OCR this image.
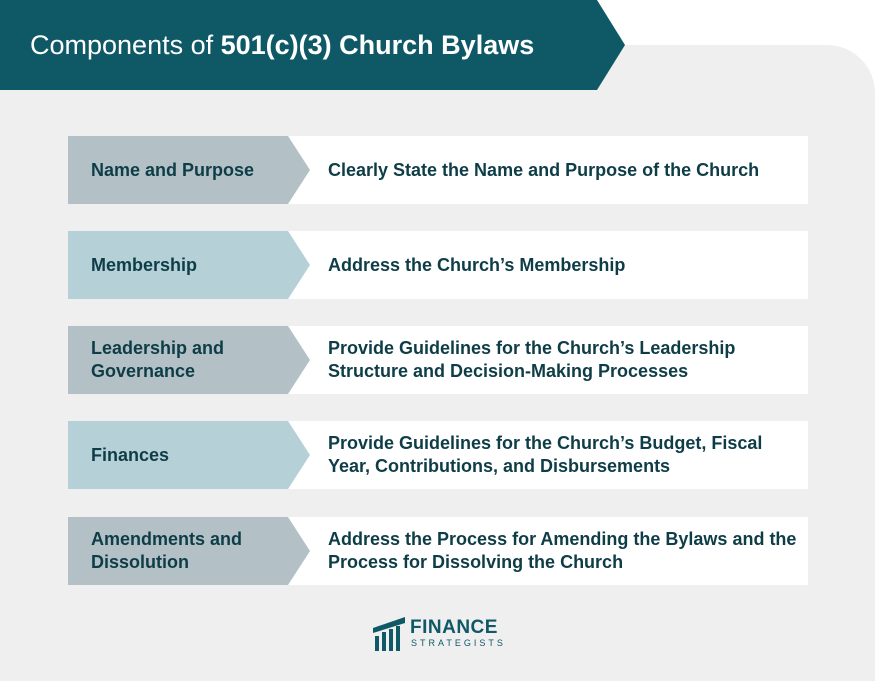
Components of 501(c)(3) Church Bylaws
Name and Purpose	Clearly State the Name and Purpose of the Church
Membership	Address the Church’s Membership
Leadership and Governance
Provide Guidelines for the Church’s Leadership Structure and Decision-Making Processes
Finances
Provide Guidelines for the Church’s Budget, Fiscal Year, Contributions, and Disbursements
Amendments and Dissolution
Address the Process for Amending the Bylaws and the Process for Dissolving the Church
FINANCE
STRATEGISTS
